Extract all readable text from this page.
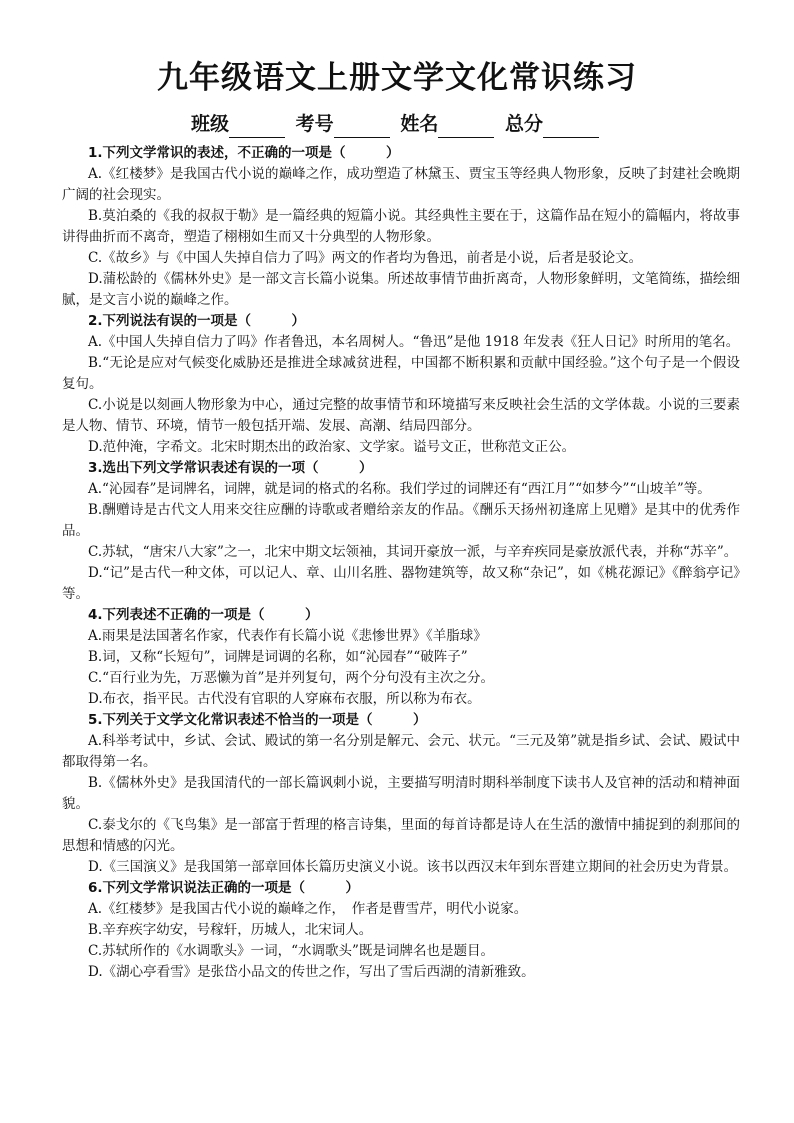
九年级语文上册文学文化常识练习
班级	考号	姓名	总分

1.下列文学常识的表述，不正确的一项是（　　　）

A.《红楼梦》是我国古代小说的巅峰之作，成功塑造了林黛玉、贾宝玉等经典人物形象，反映了封建社会晚期广阔的社会现实。

B.莫泊桑的《我的叔叔于勒》是一篇经典的短篇小说。其经典性主要在于，这篇作品在短小的篇幅内，将故事讲得曲折而不离奇，塑造了栩栩如生而又十分典型的人物形象。

C.《故乡》与《中国人失掉自信力了吗》两文的作者均为鲁迅，前者是小说，后者是驳论文。

D.蒲松龄的《儒林外史》是一部文言长篇小说集。所述故事情节曲折离奇，人物形象鲜明，文笔简练，描绘细腻，是文言小说的巅峰之作。

2.下列说法有误的一项是（　　　）

A.《中国人失掉自信力了吗》作者鲁迅，本名周树人。“鲁迅”是他 1918 年发表《狂人日记》时所用的笔名。

B.“无论是应对气候变化威胁还是推进全球减贫进程，中国都不断积累和贡献中国经验。”这个句子是一个假设复句。

C.小说是以刻画人物形象为中心，通过完整的故事情节和环境描写来反映社会生活的文学体裁。小说的三要素是人物、情节、环境，情节一般包括开端、发展、高潮、结局四部分。

D.范仲淹，字希文。北宋时期杰出的政治家、文学家。谥号文正，世称范文正公。

3.选出下列文学常识表述有误的一项（　　　）

A.“沁园春”是词牌名，词牌，就是词的格式的名称。我们学过的词牌还有“西江月”“如梦今”“山坡羊”等。

B.酬赠诗是古代文人用来交往应酬的诗歌或者赠给亲友的作品。《酬乐天扬州初逢席上见赠》是其中的优秀作品。

C.苏轼，“唐宋八大家”之一，北宋中期文坛领袖，其词开豪放一派，与辛弃疾同是豪放派代表，并称“苏辛”。

D.“记”是古代一种文体，可以记人、章、山川名胜、器物建筑等，故又称“杂记”，如《桃花源记》《醉翁亭记》等。

4.下列表述不正确的一项是（　　　）

A.雨果是法国著名作家，代表作有长篇小说《悲惨世界》《羊脂球》

B.词，又称“长短句”，词牌是词调的名称，如“沁园春”“破阵子”

C.“百行业为先，万恶懒为首”是并列复句，两个分句没有主次之分。

D.布衣，指平民。古代没有官职的人穿麻布衣服，所以称为布衣。

5.下列关于文学文化常识表述不恰当的一项是（　　　）

A.科举考试中，乡试、会试、殿试的第一名分别是解元、会元、状元。“三元及第”就是指乡试、会试、殿试中都取得第一名。

B.《儒林外史》是我国清代的一部长篇讽刺小说，主要描写明清时期科举制度下读书人及官神的活动和精神面貌。

C.泰戈尔的《飞鸟集》是一部富于哲理的格言诗集，里面的每首诗都是诗人在生活的激情中捕捉到的刹那间的思想和情感的闪光。

D.《三国演义》是我国第一部章回体长篇历史演义小说。该书以西汉末年到东晋建立期间的社会历史为背景。

6.下列文学常识说法正确的一项是（　　　）

A.《红楼梦》是我国古代小说的巅峰之作，　作者是曹雪芹，明代小说家。

B.辛弃疾字幼安，号稼轩，历城人，北宋词人。

C.苏轼所作的《水调歌头》一词，“水调歌头”既是词牌名也是题目。

D.《湖心亭看雪》是张岱小品文的传世之作，写出了雪后西湖的清新雅致。
